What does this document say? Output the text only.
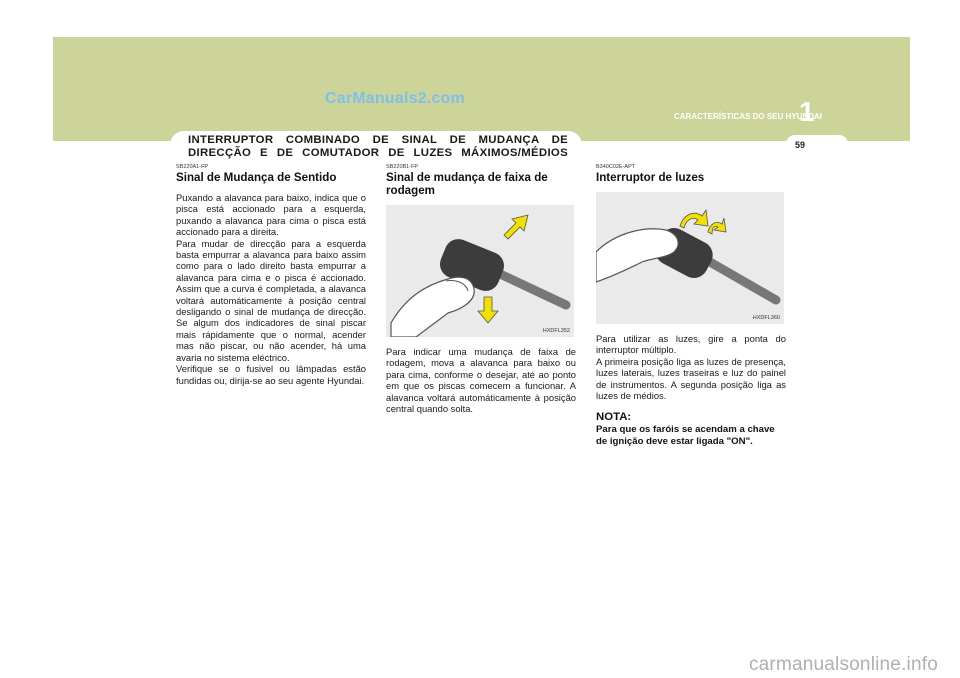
CarManuals2.com
CARACTERÍSTICAS DO SEU HYUNDAI
1
59
INTERRUPTOR COMBINADO DE SINAL DE MUDANÇA DE DIRECÇÃO E DE COMUTADOR DE LUZES MÁXIMOS/MÉDIOS
SB220A1-FP
Sinal de Mudança de Sentido

Puxando a alavanca para baixo, indica que o pisca está accionado para a esquerda, puxando a alavanca para cima o pisca está accionado para a direita.

Para mudar de direcção para a esquerda basta empurrar a alavanca para baixo assim como para o lado direito basta empurrar a alavanca para cima e o pisca é accionado. Assim que a curva é completada, a alavanca voltará automáticamente à posição central desligando o sinal de mudança de direcção. Se algum dos indicadores de sinal piscar mais rápidamente que o normal, acender mas não piscar, ou não acender, há uma avaria no sistema eléctrico.

Verifique se o fusivel ou lâmpadas estão fundidas ou, dirija-se ao seu agente Hyundai.

SB220B1-FP
Sinal de mudança de faixa de rodagem
HXDFL352

Para indicar uma mudança de faixa de rodagem, mova a alavanca para baixo ou para cima, conforme o desejar, até ao ponto em que os piscas comecem a funcionar. A alavanca voltará automáticamente à posição central quando solta.

B340C02E-APT
Interruptor de luzes
HXDFL360

Para utilizar as luzes, gire a ponta do interruptor múltiplo.

A primeira posição liga as luzes de presença, luzes laterais, luzes traseiras e luz do painel de instrumentos. A segunda posição liga as luzes de médios.

NOTA:
Para que os faróis se acendam a chave de ignição deve estar ligada "ON".
carmanualsonline.info
